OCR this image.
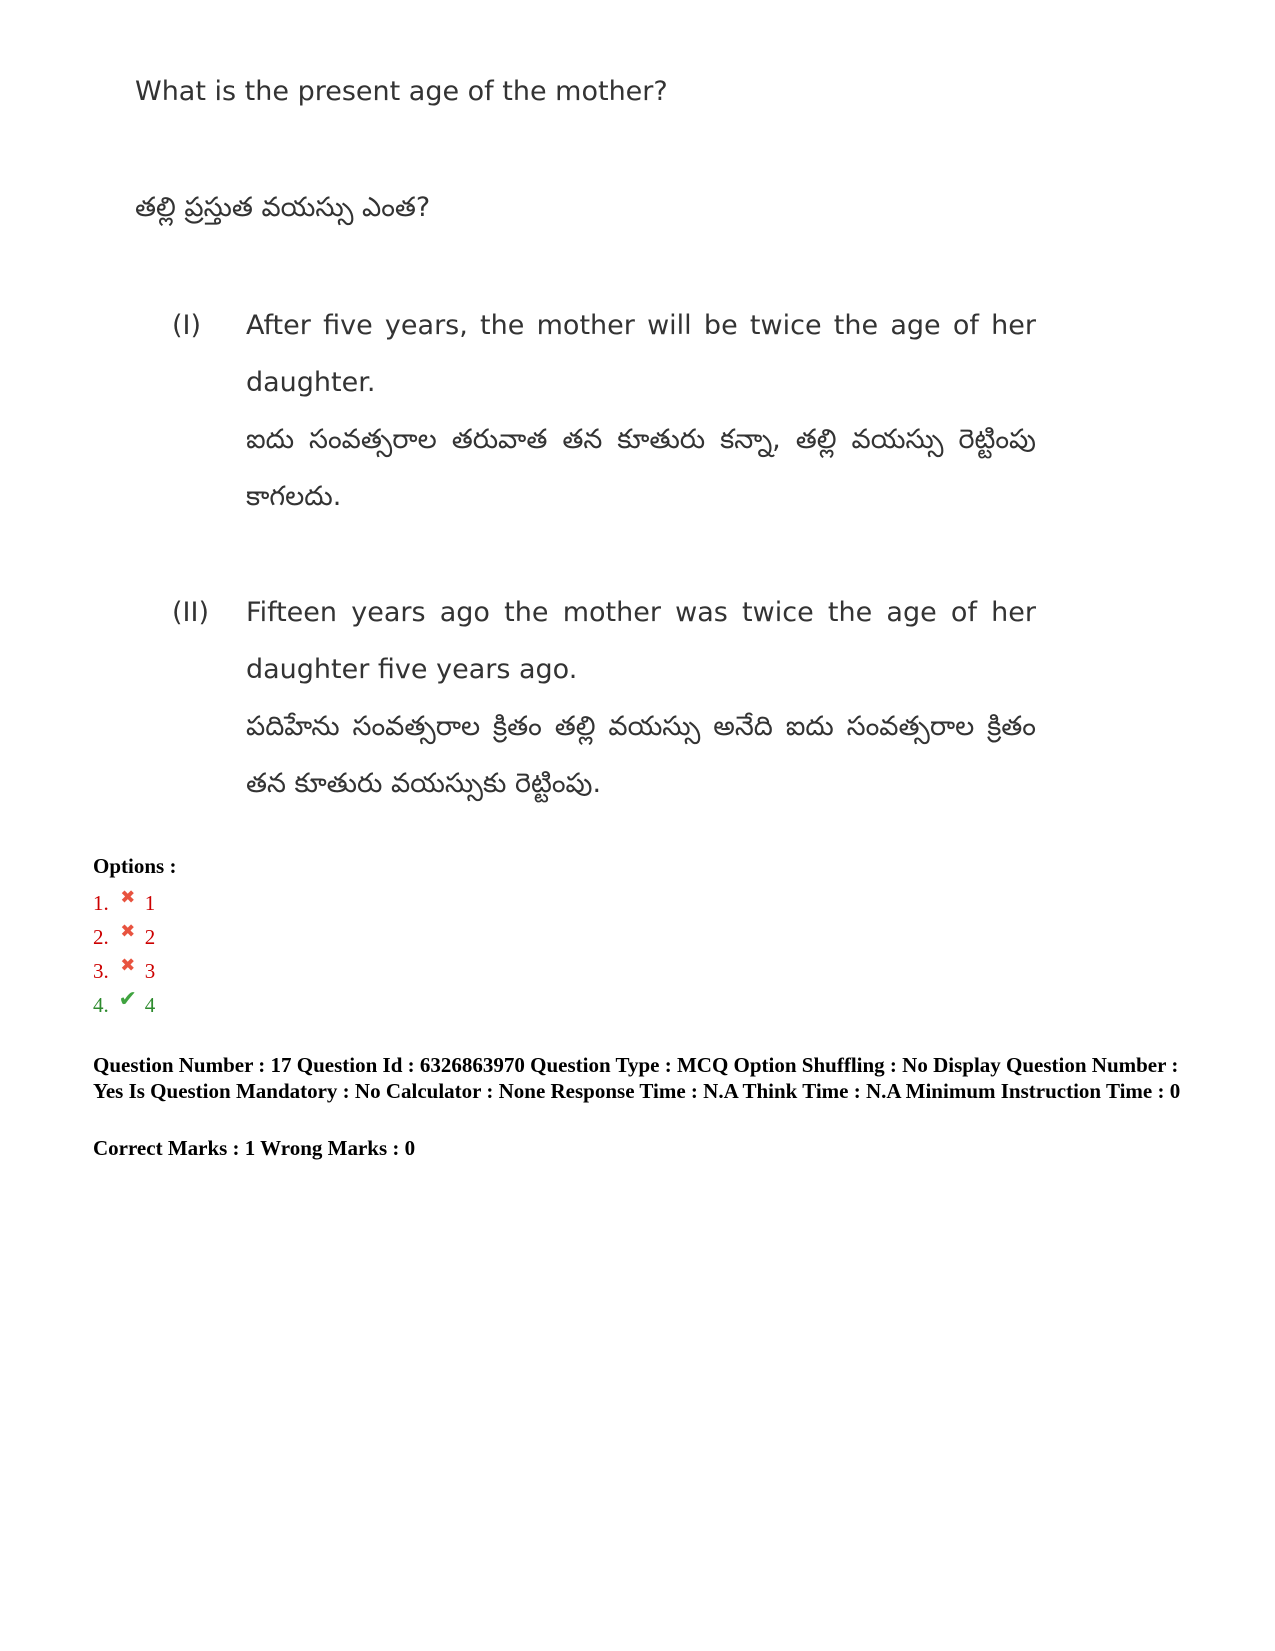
What is the present age of the mother?
తల్లి ప్రస్తుత వయస్సు ఎంత?
(I) After five years, the mother will be twice the age of her daughter.

ఐదు సంవత్సరాల తరువాత తన కూతురు కన్నా, తల్లి వయస్సు రెట్టింపు కాగలదు.

(II) Fifteen years ago the mother was twice the age of her daughter five years ago.

పదిహేను సంవత్సరాల క్రితం తల్లి వయస్సు అనేది ఐదు సంవత్సరాల క్రితం తన కూతురు వయస్సుకు రెట్టింపు.

Options :
1. ✖ 1
2. ✖ 2
3. ✖ 3
4. ✔ 4

Question Number : 17 Question Id : 6326863970 Question Type : MCQ Option Shuffling : No Display Question Number : Yes Is Question Mandatory : No Calculator : None Response Time : N.A Think Time : N.A Minimum Instruction Time : 0

Correct Marks : 1 Wrong Marks : 0
